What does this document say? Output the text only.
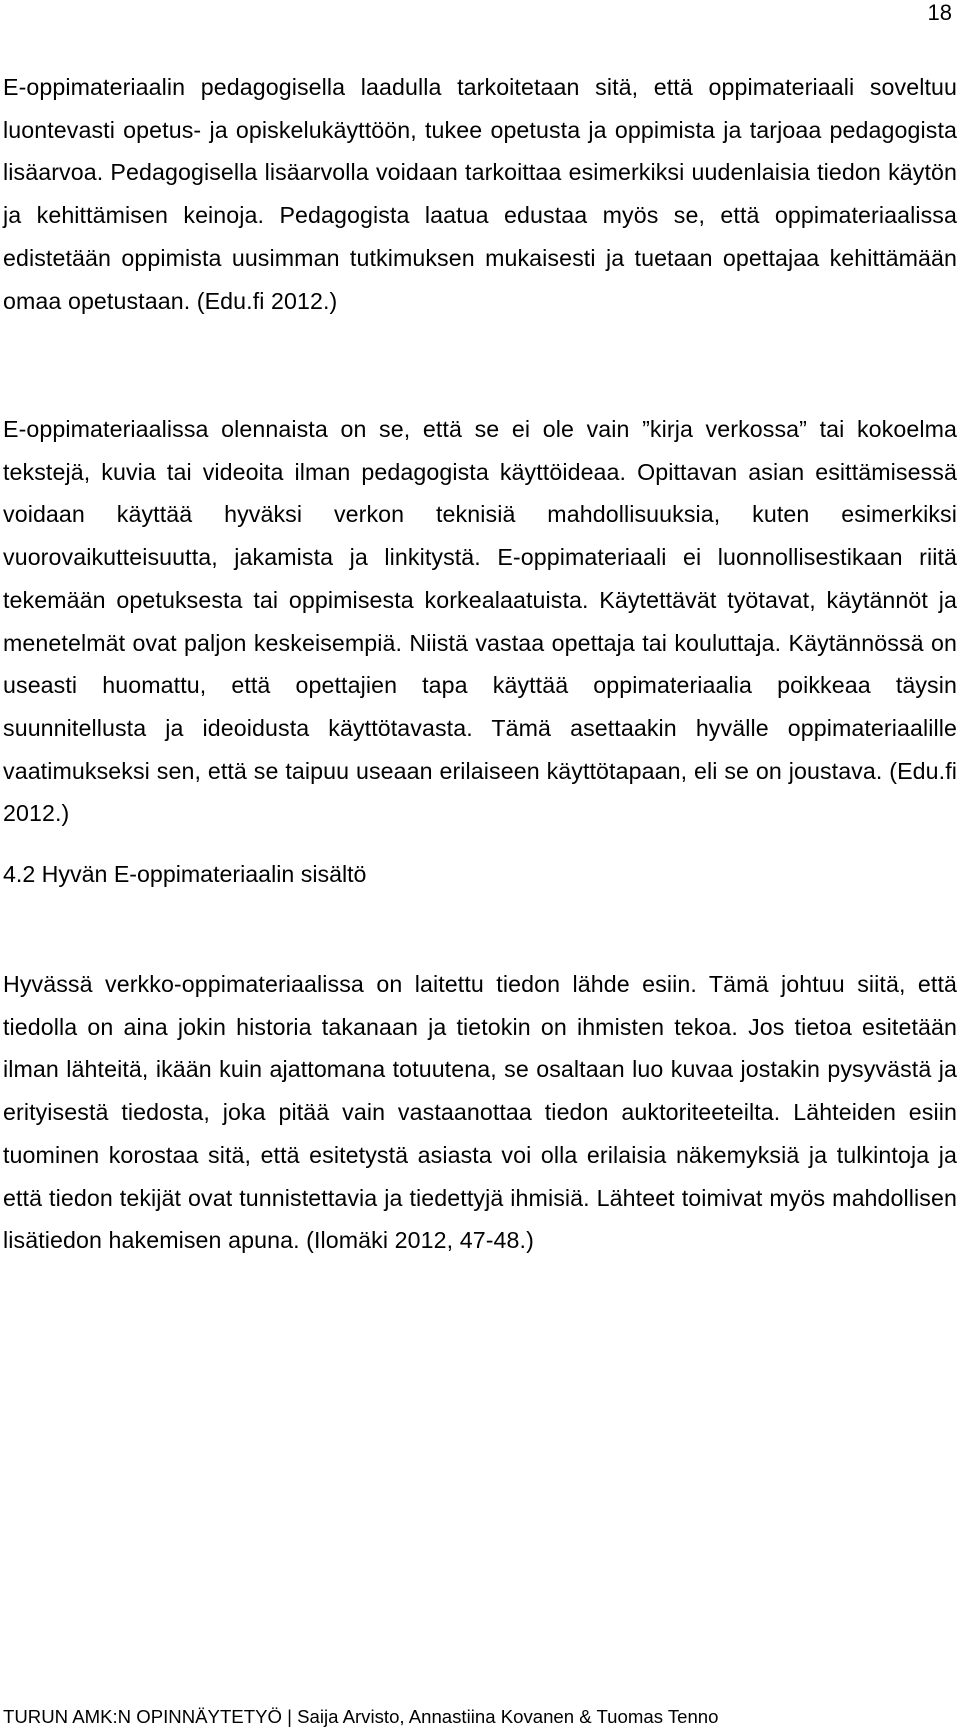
18

E-oppimateriaalin pedagogisella laadulla tarkoitetaan sitä, että oppimateriaali soveltuu luontevasti opetus- ja opiskelukäyttöön, tukee opetusta ja oppimista ja tarjoaa pedagogista lisäarvoa. Pedagogisella lisäarvolla voidaan tarkoittaa esimerkiksi uudenlaisia tiedon käytön ja kehittämisen keinoja. Pedagogista laatua edustaa myös se, että oppimateriaalissa edistetään oppimista uusimman tutkimuksen mukaisesti ja tuetaan opettajaa kehittämään omaa opetustaan. (Edu.fi 2012.)

E-oppimateriaalissa olennaista on se, että se ei ole vain ”kirja verkossa” tai kokoelma tekstejä, kuvia tai videoita ilman pedagogista käyttöideaa. Opittavan asian esittämisessä voidaan käyttää hyväksi verkon teknisiä mahdollisuuksia, kuten esimerkiksi vuorovaikutteisuutta, jakamista ja linkitystä. E-oppimateriaali ei luonnollisestikaan riitä tekemään opetuksesta tai oppimisesta korkealaatuista. Käytettävät työtavat, käytännöt ja menetelmät ovat paljon keskeisempiä. Niistä vastaa opettaja tai kouluttaja. Käytännössä on useasti huomattu, että opettajien tapa käyttää oppimateriaalia poikkeaa täysin suunnitellusta ja ideoidusta käyttötavasta. Tämä asettaakin hyvälle oppimateriaalille vaatimukseksi sen, että se taipuu useaan erilaiseen käyttötapaan, eli se on joustava. (Edu.fi 2012.)

4.2 Hyvän E-oppimateriaalin sisältö

Hyvässä verkko-oppimateriaalissa on laitettu tiedon lähde esiin. Tämä johtuu siitä, että tiedolla on aina jokin historia takanaan ja tietokin on ihmisten tekoa. Jos tietoa esitetään ilman lähteitä, ikään kuin ajattomana totuutena, se osaltaan luo kuvaa jostakin pysyvästä ja erityisestä tiedosta, joka pitää vain vastaanottaa tiedon auktoriteeteilta. Lähteiden esiin tuominen korostaa sitä, että esitetystä asiasta voi olla erilaisia näkemyksiä ja tulkintoja ja että tiedon tekijät ovat tunnistettavia ja tiedettyjä ihmisiä. Lähteet toimivat myös mahdollisen lisätiedon hakemisen apuna. (Ilomäki 2012, 47-48.)

TURUN AMK:N OPINNÄYTETYÖ | Saija Arvisto, Annastiina Kovanen & Tuomas Tenno
